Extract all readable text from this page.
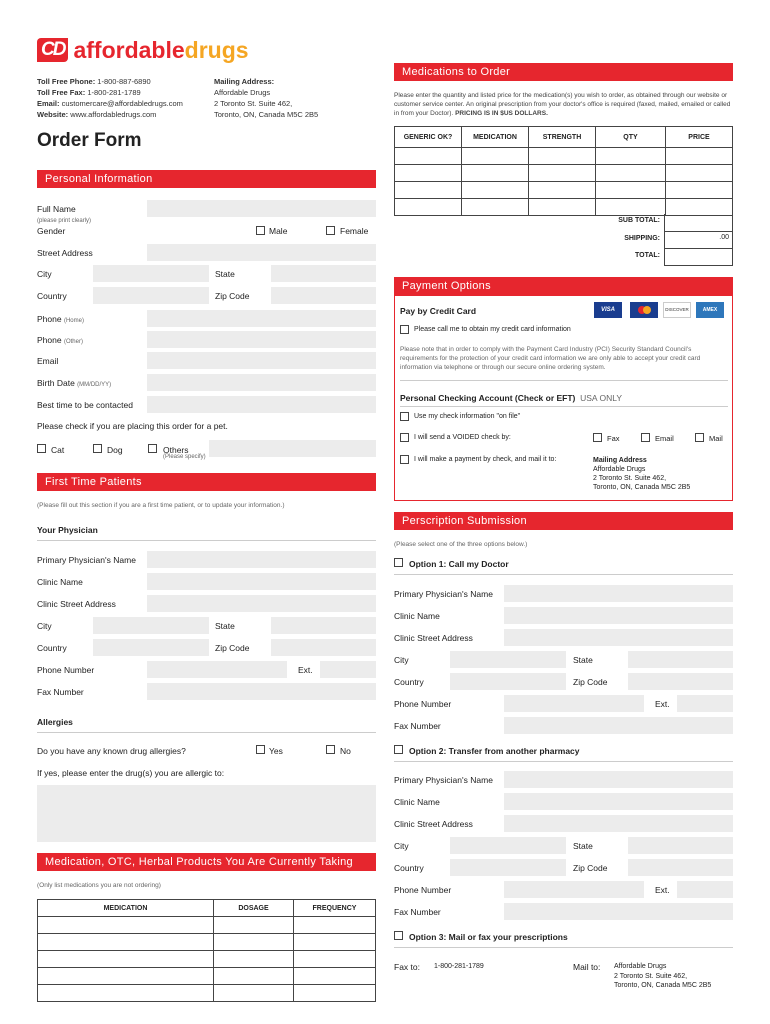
CD affordable drugs
Toll Free Phone: 1-800-887-6890
Toll Free Fax: 1-800-281-1789
Email: customercare@affordabledrugs.com
Website: www.affordabledrugs.com
Mailing Address:
Affordable Drugs
2 Toronto St. Suite 462,
Toronto, ON, Canada M5C 2B5
Order Form
Personal Information
Full Name
(please print clearly)
Gender	Male	Female
Street Address
City	State
Country	Zip Code
Phone (Home)
Phone (Other)
Email
Birth Date (MM/DD/YY)
Best time to be contacted
Please check if you are placing this order for a pet.
Cat	Dog	Others
(Please specify)
First Time Patients
(Please fill out this section if you are a first time patient, or to update your information.)
Your Physician
Primary Physician's Name
Clinic Name
Clinic Street Address
City	State
Country	Zip Code
Phone Number	Ext.
Fax Number
Allergies
Do you have any known drug allergies?	Yes	No
If yes, please enter the drug(s) you are allergic to:
Medication, OTC, Herbal Products You Are Currently Taking
(Only list medications you are not ordering)
MEDICATION	DOSAGE	FREQUENCY

Medications to Order
Please enter the quantity and listed price for the medication(s) you wish to order, as obtained through our website or customer service center. An original prescription from your doctor's office is required (faxed, mailed, emailed or called in from your Doctor). PRICING IS IN $US DOLLARS.
GENERIC OK?	MEDICATION	STRENGTH	QTY	PRICE

SUB TOTAL:
SHIPPING:	.00
TOTAL:
Payment Options
Pay by Credit Card	VISA	DISCOVER	AMEX
Please call me to obtain my credit card information
Please note that in order to comply with the Payment Card Industry (PCI) Security Standard Council's requirements for the protection of your credit card information we are only able to accept your credit card information via telephone or through our secure online ordering system.
Personal Checking Account (Check or EFT) USA ONLY
Use my check information "on file"
I will send a VOIDED check by:	Fax	Email	Mail
I will make a payment by check, and mail it to:	Mailing Address
Affordable Drugs
2 Toronto St. Suite 462,
Toronto, ON, Canada M5C 2B5
Perscription Submission
(Please select one of the three options below.)
Option 1: Call my Doctor
Primary Physician's Name
Clinic Name
Clinic Street Address
City	State
Country	Zip Code
Phone Number	Ext.
Fax Number
Option 2: Transfer from another pharmacy
Primary Physician's Name
Clinic Name
Clinic Street Address
City	State
Country	Zip Code
Phone Number	Ext.
Fax Number
Option 3: Mail or fax your prescriptions
Fax to: 1-800-281-1789	Mail to: Affordable Drugs
2 Toronto St. Suite 462,
Toronto, ON, Canada M5C 2B5
